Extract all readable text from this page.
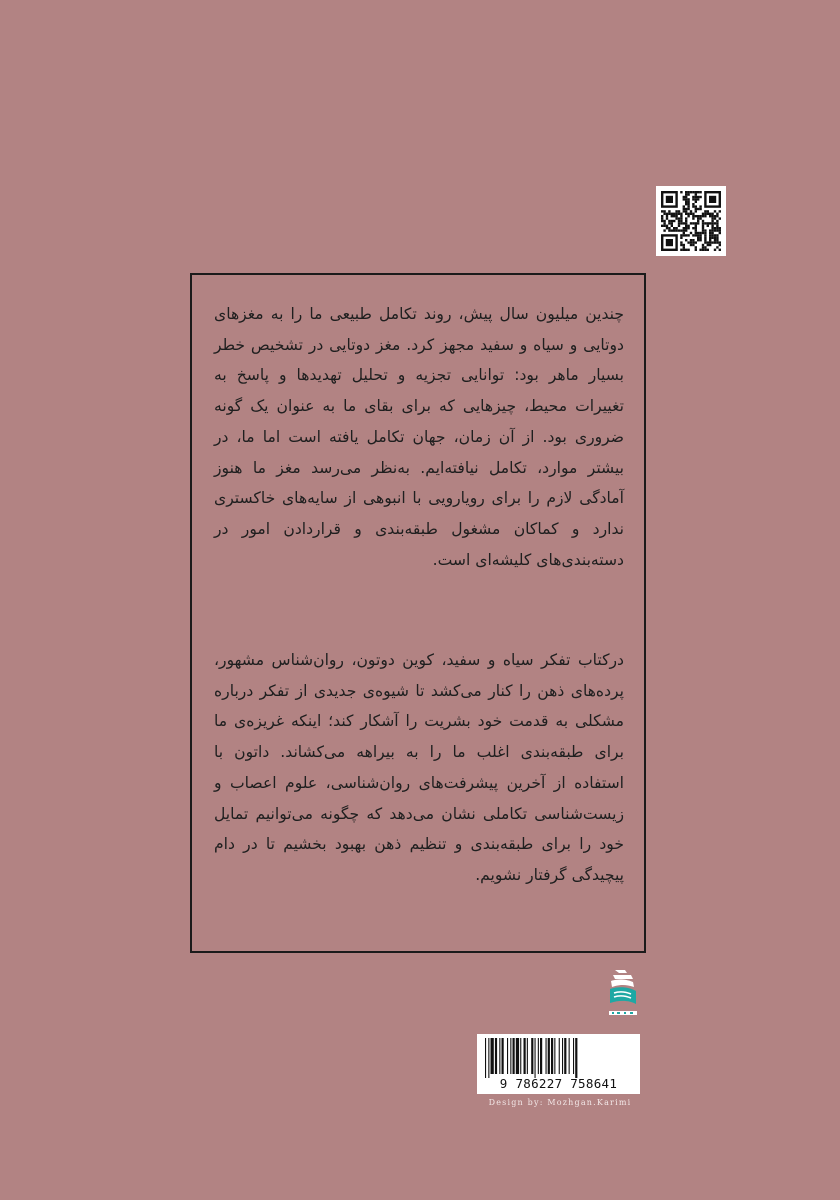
چندین میلیون سال پیش، روند تکامل طبیعی ما را به مغزهای دوتایی و سیاه و سفید مجهز کرد. مغز دوتایی در تشخیص خطر بسیار ماهر بود: توانایی تجزیه و تحلیل تهدیدها و پاسخ به تغییرات محیط، چیزهایی که برای بقای ما به عنوان یک گونه ضروری بود. از آن زمان، جهان تکامل یافته است اما ما، در بیشتر موارد، تکامل نیافته‌ایم. به‌نظر می‌رسد مغز ما هنوز آمادگی لازم را برای رویارویی با انبوهی از سایه‌های خاکستری ندارد و کماکان مشغول طبقه‌بندی و قراردادن امور در دسته‌بندی‌های کلیشه‌ای است.

درکتاب تفکر سیاه و سفید، کوین دوتون، روان‌شناس مشهور، پرده‌های ذهن را کنار می‌کشد تا شیوه‌ی جدیدی از تفکر درباره مشکلی به قدمت خود بشریت را آشکار کند؛ اینکه غریزه‌ی ما برای طبقه‌بندی اغلب ما را به بیراهه می‌کشاند. داتون با استفاده از آخرین پیشرفت‌های روان‌شناسی، علوم اعصاب و زیست‌شناسی تکاملی نشان می‌دهد که چگونه می‌توانیم تمایل خود را برای طبقه‌بندی و تنظیم ذهن بهبود بخشیم تا در دام پیچیدگی گرفتار نشویم.

9 786227 758641
Design by: Mozhgan.Karimi
